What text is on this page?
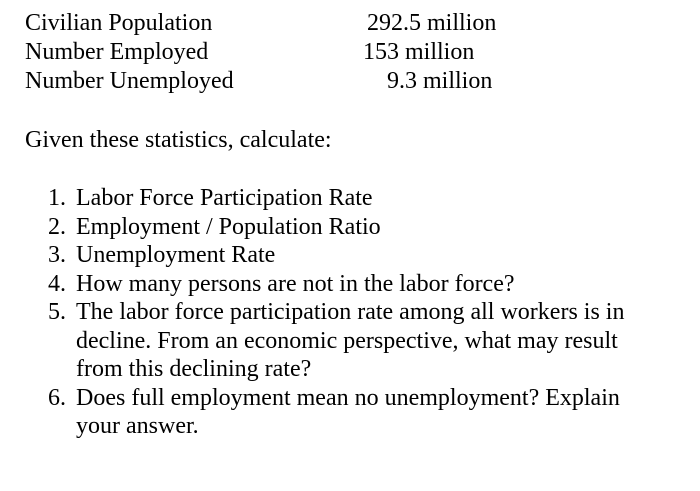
Civilian Population	292.5 million
Number Employed	153 million
Number Unemployed	9.3 million
Given these statistics, calculate:
1. Labor Force Participation Rate
2. Employment / Population Ratio
3. Unemployment Rate
4. How many persons are not in the labor force?
5. The labor force participation rate among all workers is in decline. From an economic perspective, what may result from this declining rate?
6. Does full employment mean no unemployment? Explain your answer.
